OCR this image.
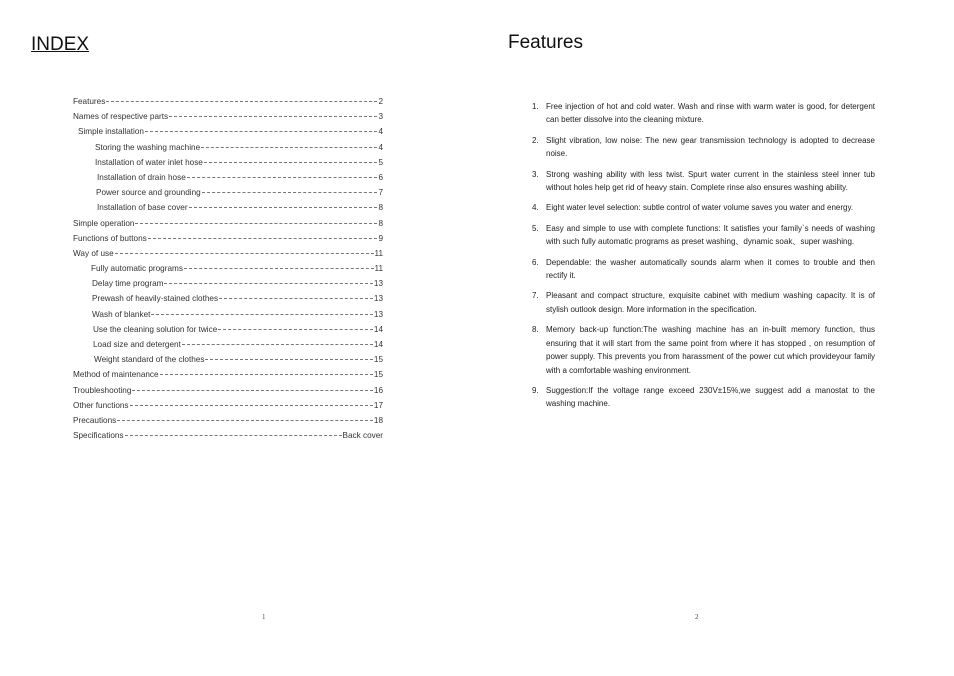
INDEX
Features	2
Names of respective parts	3
Simple installation	4
Storing the washing machine	4
Installation of water inlet hose	5
Installation of drain hose	6
Power source and grounding	7
Installation of base cover	8
Simple operation	8
Functions of buttons	9
Way of use	11
Fully automatic programs	11
Delay time program	13
Prewash of heavily-stained clothes	13
Wash of blanket	13
Use the cleaning solution for twice	14
Load size and detergent	14
Weight standard of the clothes	15
Method of maintenance	15
Troubleshooting	16
Other functions	17
Precautions	18
Specifications	Back cover
1
Features
1. Free injection of hot and cold water. Wash and rinse with warm water is good, for detergent can better dissolve into the cleaning mixture.
2. Slight vibration, low noise: The new gear transmission technology is adopted to decrease noise.
3. Strong washing ability with less twist. Spurt water current in the stainless steel inner tub without holes help get rid of heavy stain. Complete rinse also ensures washing ability.
4. Eight water level selection: subtle control of water volume saves you water and energy.
5. Easy and simple to use with complete functions: It satisfies your family`s needs of washing with such fully automatic programs as preset washing、dynamic soak、super washing.
6. Dependable: the washer automatically sounds alarm when it comes to trouble and then rectify it.
7. Pleasant and compact structure, exquisite cabinet with medium washing capacity. It is of stylish outlook design. More information in the specification.
8. Memory back-up function:The washing machine has an in-built memory function, thus ensuring that it will start from the same point from where it has stopped , on resumption of power supply. This prevents you from harassment of the power cut which provideyour family with a comfortable washing environment.
9. Suggestion:If the voltage range exceed 230V±15%,we suggest add a manostat to the washing machine.
2
